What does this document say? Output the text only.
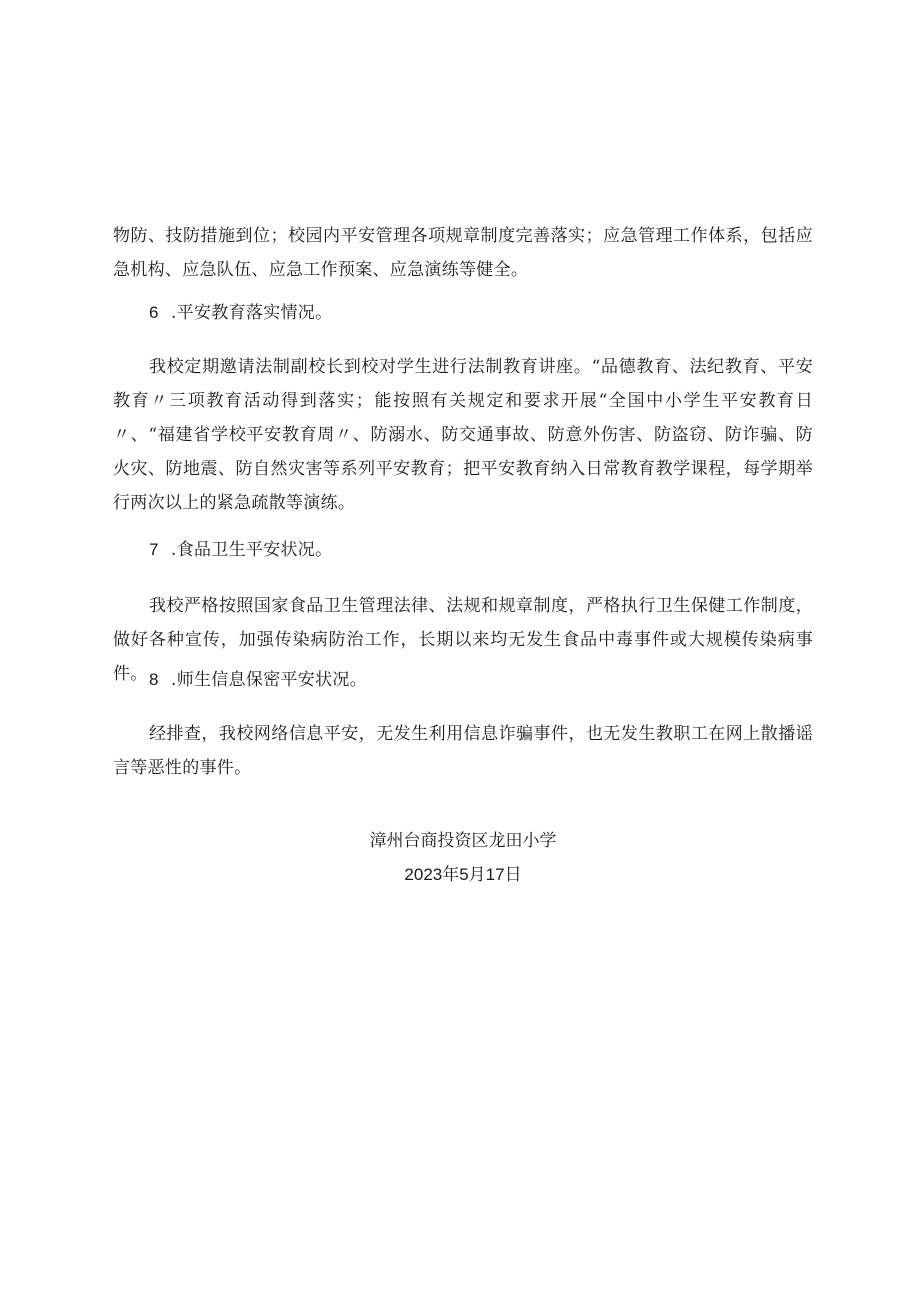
物防、技防措施到位；校园内平安管理各项规章制度完善落实；应急管理工作体系，包括应急机构、应急队伍、应急工作预案、应急演练等健全。

6 .平安教育落实情况。

我校定期邀请法制副校长到校对学生进行法制教育讲座。“品德教育、法纪教育、平安教育〃三项教育活动得到落实；能按照有关规定和要求开展“全国中小学生平安教育日〃、“福建省学校平安教育周〃、防溺水、防交通事故、防意外伤害、防盗窃、防诈骗、防火灾、防地震、防自然灾害等系列平安教育；把平安教育纳入日常教育教学课程，每学期举行两次以上的紧急疏散等演练。

7 .食品卫生平安状况。

我校严格按照国家食品卫生管理法律、法规和规章制度，严格执行卫生保健工作制度，做好各种宣传，加强传染病防治工作，长期以来均无发生食品中毒事件或大规模传染病事件。 8 .师生信息保密平安状况。

经排查，我校网络信息平安，无发生利用信息诈骗事件，也无发生教职工在网上散播谣言等恶性的事件。

漳州台商投资区龙田小学

2023年5月17日
